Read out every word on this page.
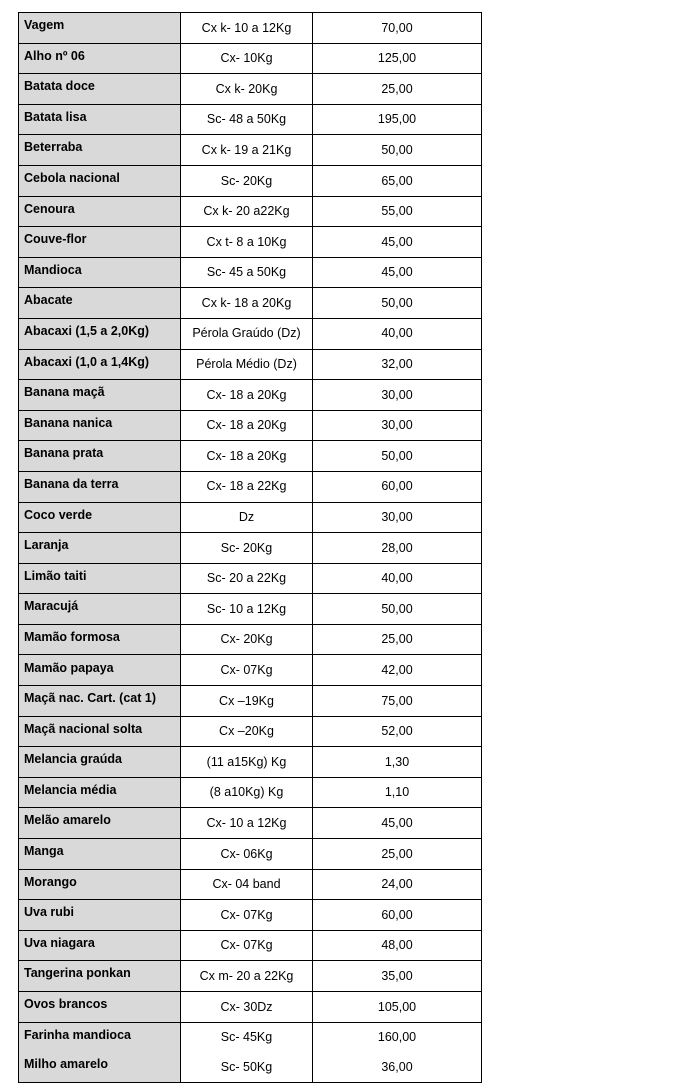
Vagem	Cx k- 10 a 12Kg	70,00
Alho nº 06	Cx- 10Kg	125,00
Batata doce	Cx k- 20Kg	25,00
Batata lisa	Sc- 48 a 50Kg	195,00
Beterraba	Cx k- 19 a 21Kg	50,00
Cebola nacional	Sc- 20Kg	65,00
Cenoura	Cx k- 20 a22Kg	55,00
Couve-flor	Cx t- 8 a 10Kg	45,00
Mandioca	Sc- 45 a 50Kg	45,00
Abacate	Cx k- 18 a 20Kg	50,00
Abacaxi (1,5 a 2,0Kg)	Pérola Graúdo (Dz)	40,00
Abacaxi (1,0 a 1,4Kg)	Pérola Médio (Dz)	32,00
Banana maçã	Cx- 18 a 20Kg	30,00
Banana nanica	Cx- 18 a 20Kg	30,00
Banana prata	Cx- 18 a 20Kg	50,00
Banana da terra	Cx- 18 a 22Kg	60,00
Coco verde	Dz	30,00
Laranja	Sc- 20Kg	28,00
Limão taiti	Sc- 20 a 22Kg	40,00
Maracujá	Sc- 10 a 12Kg	50,00
Mamão formosa	Cx- 20Kg	25,00
Mamão papaya	Cx- 07Kg	42,00
Maçã nac. Cart. (cat 1)	Cx –19Kg	75,00
Maçã nacional solta	Cx –20Kg	52,00
Melancia graúda	(11 a15Kg) Kg	1,30
Melancia média	(8 a10Kg) Kg	1,10
Melão amarelo	Cx- 10 a 12Kg	45,00
Manga	Cx- 06Kg	25,00
Morango	Cx- 04 band	24,00
Uva rubi	Cx- 07Kg	60,00
Uva niagara	Cx- 07Kg	48,00
Tangerina ponkan	Cx m- 20 a 22Kg	35,00
Ovos brancos	Cx- 30Dz	105,00
Farinha mandioca	Sc- 45Kg	160,00
Milho amarelo	Sc- 50Kg	36,00
